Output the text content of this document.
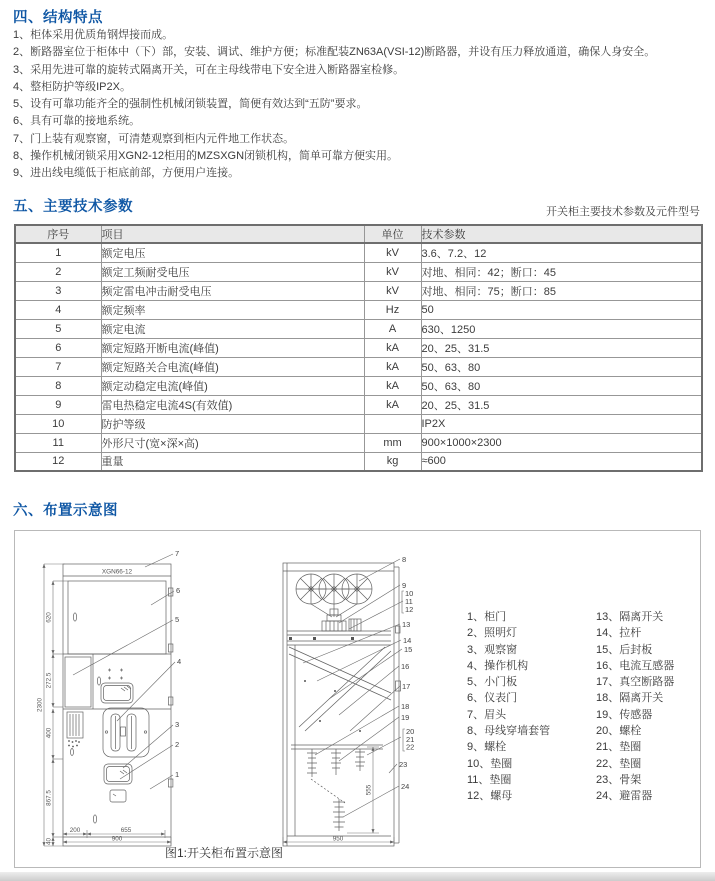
四、结构特点
1、柜体采用优质角钢焊接而成。
2、断路器室位于柜体中（下）部，安装、调试、维护方便；标准配装ZN63A(VSI-12)断路器，并设有压力释放通道，确保人身安全。
3、采用先进可靠的旋转式隔离开关，可在主母线带电下安全进入断路器室检修。
4、整柜防护等级IP2X。
5、设有可靠功能齐全的强制性机械闭锁装置，简便有效达到“五防”要求。
6、具有可靠的接地系统。
7、门上装有观察窗，可清楚观察到柜内元件地工作状态。
8、操作机械闭锁采用XGN2-12柜用的MZSXGN闭锁机构，简单可靠方便实用。
9、进出线电缆低于柜底前部，方便用户连接。
五、主要技术参数	开关柜主要技术参数及元件型号
序号	项目	单位	技术参数
1	额定电压	kV	3.6、7.2、12
2	额定工频耐受电压	kV	对地、相同：42；断口：45
3	频定雷电冲击耐受电压	kV	对地、相同：75；断口：85
4	额定频率	Hz	50
5	额定电流	A	630、1250
6	额定短路开断电流(峰值)	kA	20、25、31.5
7	额定短路关合电流(峰值)	kA	50、63、80
8	额定动稳定电流(峰值)	kA	50、63、80
9	雷电热稳定电流4S(有效值)	kA	20、25、31.5
10	防护等级		IP2X
11	外形尺寸(宽×深×高)	mm	900×1000×2300
12	重量	kg	≈600
六、布置示意图
2300
620
272.5
400
867.5
40
200	655
900
XGN66-12
7
6
5
4
3
2
1
555
950
8
9
10
11
12
13
14
15
16
17
18
19
20
21
22
23
24
1、柜门
2、照明灯
3、观察窗
4、操作机构
5、小门板
6、仪表门
7、眉头
8、母线穿墙套管
9、螺栓
10、垫圈
11、垫圈
12、螺母
13、隔离开关
14、拉杆
15、后封板
16、电流互感器
17、真空断路器
18、隔离开关
19、传感器
20、螺栓
21、垫圈
22、垫圈
23、骨架
24、避雷器
图1:开关柜布置示意图
